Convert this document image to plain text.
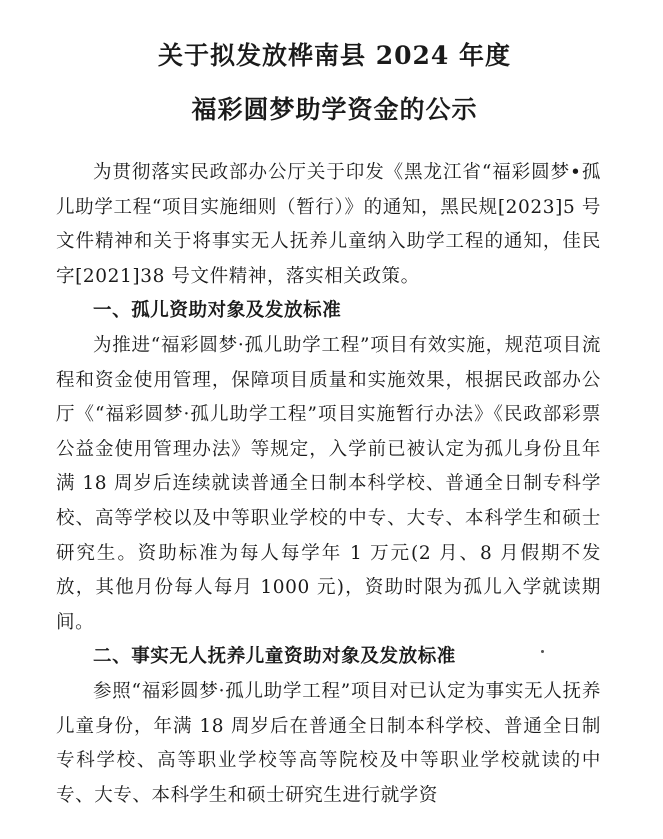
关于拟发放桦南县 2024 年度
福彩圆梦助学资金的公示

为贯彻落实民政部办公厅关于印发《黑龙江省“福彩圆梦•孤儿助学工程“项目实施细则（暂行）》的通知，黑民规[2023]5 号文件精神和关于将事实无人抚养儿童纳入助学工程的通知，佳民字[2021]38 号文件精神，落实相关政策。

一、孤儿资助对象及发放标准

为推进“福彩圆梦·孤儿助学工程”项目有效实施，规范项目流程和资金使用管理，保障项目质量和实施效果，根据民政部办公厅《“福彩圆梦·孤儿助学工程”项目实施暂行办法》《民政部彩票公益金使用管理办法》等规定，入学前已被认定为孤儿身份且年满 18 周岁后连续就读普通全日制本科学校、普通全日制专科学校、高等学校以及中等职业学校的中专、大专、本科学生和硕士研究生。资助标准为每人每学年 1 万元(2 月、8 月假期不发放，其他月份每人每月 1000 元)，资助时限为孤儿入学就读期间。

二、事实无人抚养儿童资助对象及发放标准

参照“福彩圆梦·孤儿助学工程”项目对已认定为事实无人抚养儿童身份，年满 18 周岁后在普通全日制本科学校、普通全日制专科学校、高等职业学校等高等院校及中等职业学校就读的中专、大专、本科学生和硕士研究生进行就学资
